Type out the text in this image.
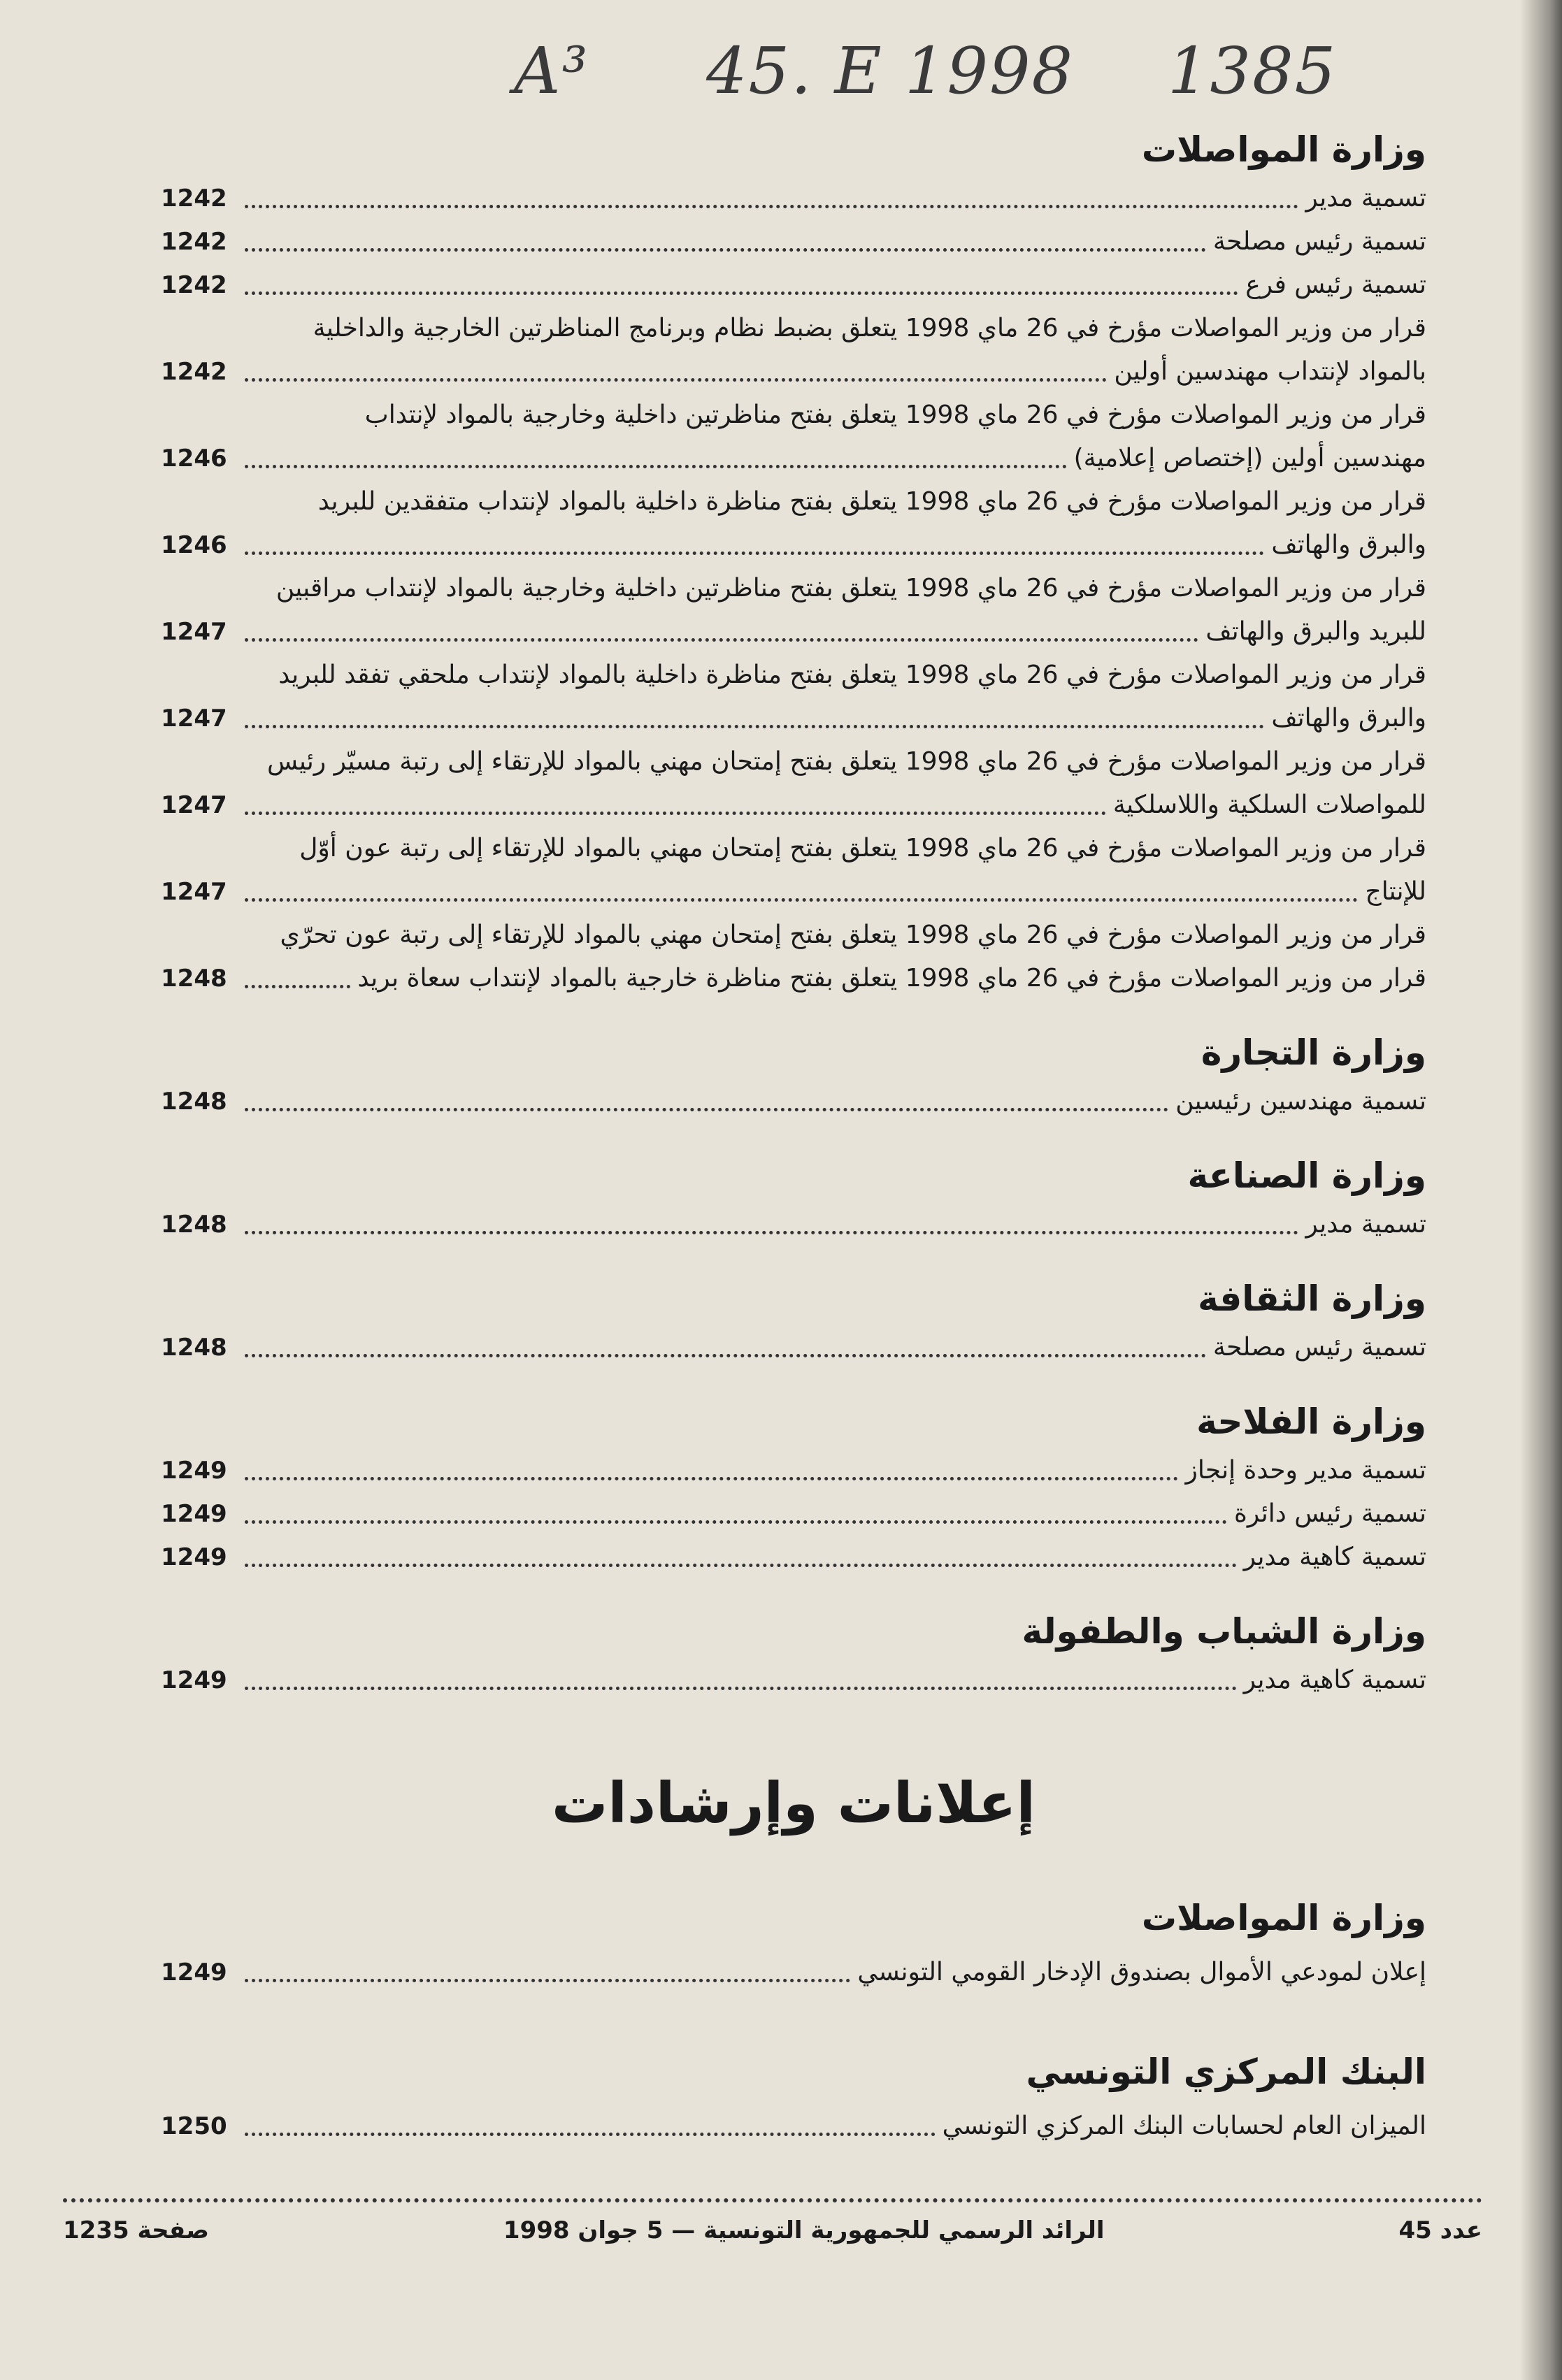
A³ 45. E 1998 1385
وزارة المواصلات
تسمية مدير
1242
تسمية رئيس مصلحة
1242
تسمية رئيس فرع
1242
قرار من وزير المواصلات مؤرخ في 26 ماي 1998 يتعلق بضبط نظام وبرنامج المناظرتين الخارجية والداخلية
بالمواد لإنتداب مهندسين أولين
1242
قرار من وزير المواصلات مؤرخ في 26 ماي 1998 يتعلق بفتح مناظرتين داخلية وخارجية بالمواد لإنتداب
مهندسين أولين (إختصاص إعلامية)
1246
قرار من وزير المواصلات مؤرخ في 26 ماي 1998 يتعلق بفتح مناظرة داخلية بالمواد لإنتداب متفقدين للبريد
والبرق والهاتف
1246
قرار من وزير المواصلات مؤرخ في 26 ماي 1998 يتعلق بفتح مناظرتين داخلية وخارجية بالمواد لإنتداب مراقبين
للبريد والبرق والهاتف
1247
قرار من وزير المواصلات مؤرخ في 26 ماي 1998 يتعلق بفتح مناظرة داخلية بالمواد لإنتداب ملحقي تفقد للبريد
والبرق والهاتف
1247
قرار من وزير المواصلات مؤرخ في 26 ماي 1998 يتعلق بفتح إمتحان مهني بالمواد للإرتقاء إلى رتبة مسيّر رئيس
للمواصلات السلكية واللاسلكية
1247
قرار من وزير المواصلات مؤرخ في 26 ماي 1998 يتعلق بفتح إمتحان مهني بالمواد للإرتقاء إلى رتبة عون أوّل
للإنتاج
1247
قرار من وزير المواصلات مؤرخ في 26 ماي 1998 يتعلق بفتح إمتحان مهني بالمواد للإرتقاء إلى رتبة عون تحرّي
قرار من وزير المواصلات مؤرخ في 26 ماي 1998 يتعلق بفتح مناظرة خارجية بالمواد لإنتداب سعاة بريد
1248
وزارة التجارة
تسمية مهندسين رئيسين
1248
وزارة الصناعة
تسمية مدير
1248
وزارة الثقافة
تسمية رئيس مصلحة
1248
وزارة الفلاحة
تسمية مدير وحدة إنجاز
1249
تسمية رئيس دائرة
1249
تسمية كاهية مدير
1249
وزارة الشباب والطفولة
تسمية كاهية مدير
1249
إعلانات وإرشادات
وزارة المواصلات
إعلان لمودعي الأموال بصندوق الإدخار القومي التونسي
1249
البنك المركزي التونسي
الميزان العام لحسابات البنك المركزي التونسي
1250
عدد 45
الرائد الرسمي للجمهورية التونسية — 5 جوان 1998
صفحة 1235
